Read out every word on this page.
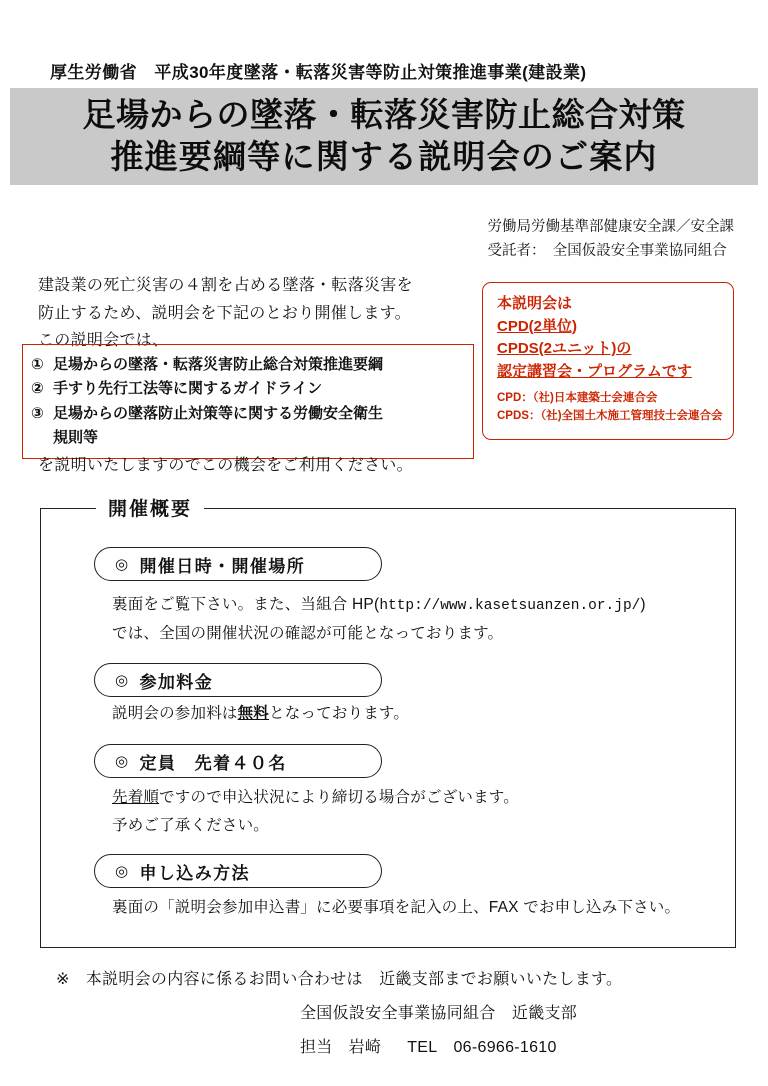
厚生労働省　平成30年度墜落・転落災害等防止対策推進事業(建設業)
足場からの墜落・転落災害防止総合対策
推進要綱等に関する説明会のご案内
労働局労働基準部健康安全課／安全課
受託者：　全国仮設安全事業協同組合
建設業の死亡災害の４割を占める墜落・転落災害を
防止するため、説明会を下記のとおり開催します。
この説明会では、
本説明会は
CPD(2単位)
CPDS(2ユニット)の
認定講習会・プログラムです
CPD：（社)日本建築士会連合会
CPDS：（社)全国土木施工管理技士会連合会
① 足場からの墜落・転落災害防止総合対策推進要綱
② 手すり先行工法等に関するガイドライン
③ 足場からの墜落防止対策等に関する労働安全衛生
規則等
を説明いたしますのでこの機会をご利用ください。
開催概要
◎ 開催日時・開催場所
裏面をご覧下さい。また、当組合 HP(http://www.kasetsuanzen.or.jp/)
では、全国の開催状況の確認が可能となっております。
◎ 参加料金
説明会の参加料は無料となっております。
◎ 定員　先着４０名
先着順ですので申込状況により締切る場合がございます。
予めご了承ください。
◎ 申し込み方法
裏面の「説明会参加申込書」に必要事項を記入の上、FAX でお申し込み下さい。
※ 本説明会の内容に係るお問い合わせは　近畿支部までお願いいたします。
全国仮設安全事業協同組合　近畿支部
担当 岩崎 TEL 06-6966-1610
